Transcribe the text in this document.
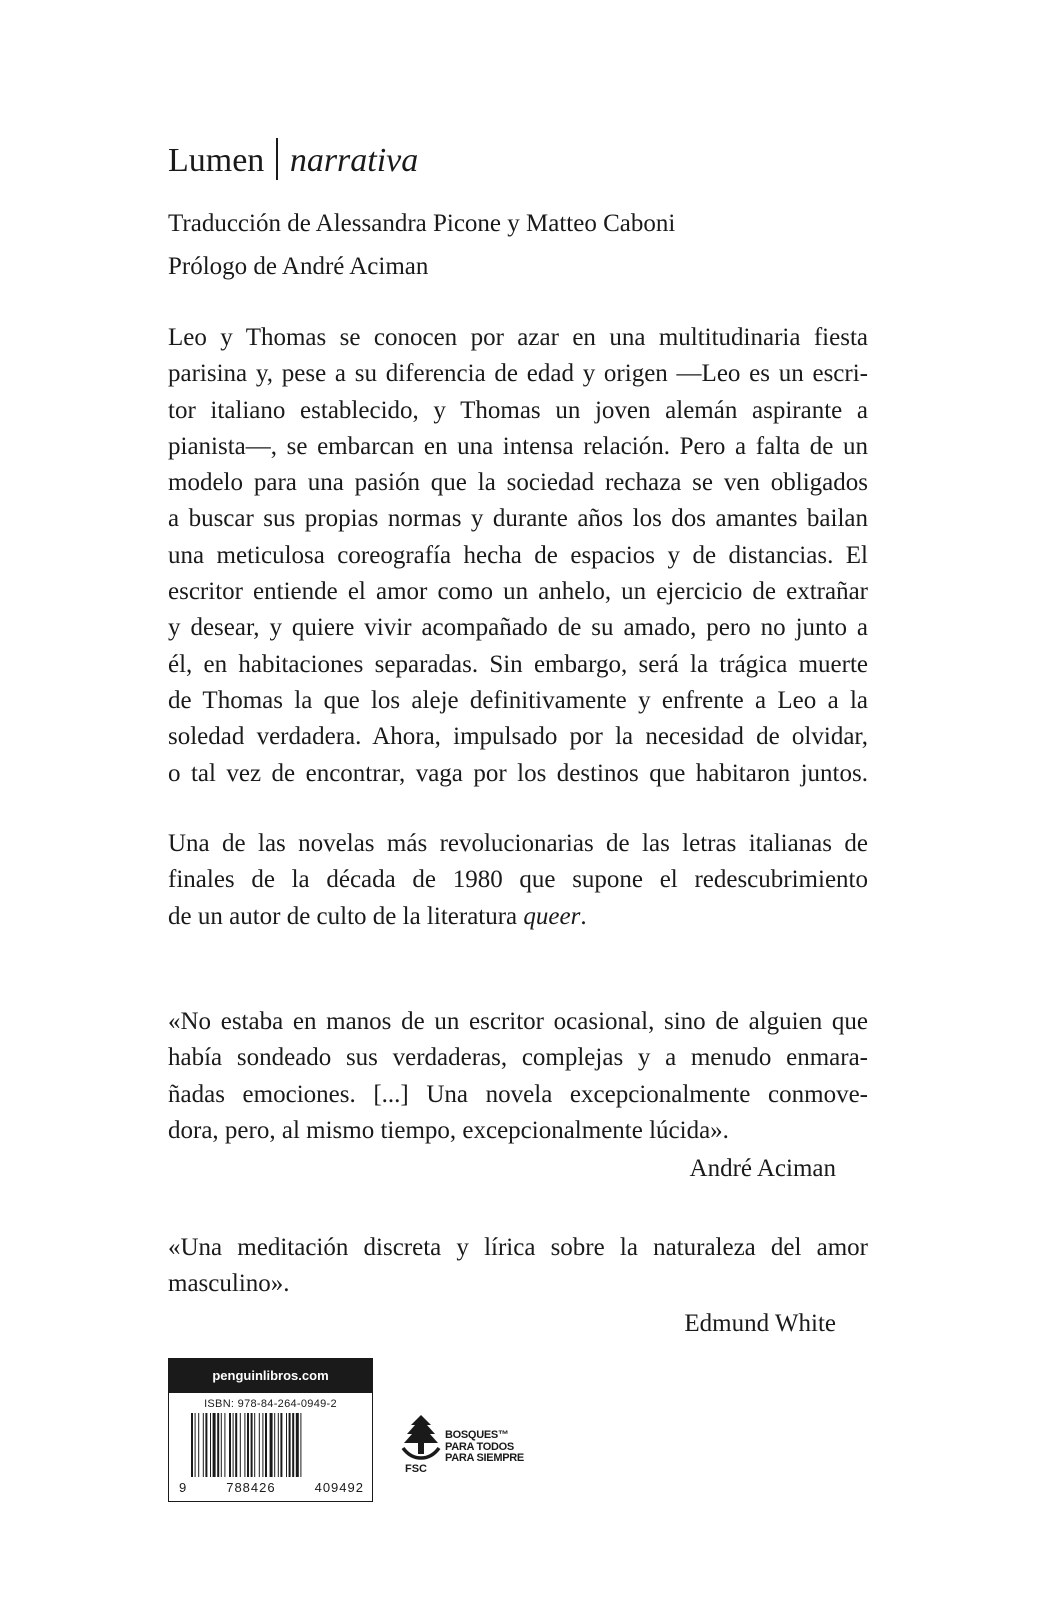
Lumen narrativa
Traducción de Alessandra Picone y Matteo Caboni
Prólogo de André Aciman
Leo y Thomas se conocen por azar en una multitudinaria fiesta
parisina y, pese a su diferencia de edad y origen —Leo es un escri-
tor italiano establecido, y Thomas un joven alemán aspirante a
pianista—, se embarcan en una intensa relación. Pero a falta de un
modelo para una pasión que la sociedad rechaza se ven obligados
a buscar sus propias normas y durante años los dos amantes bailan
una meticulosa coreografía hecha de espacios y de distancias. El
escritor entiende el amor como un anhelo, un ejercicio de extrañar
y desear, y quiere vivir acompañado de su amado, pero no junto a
él, en habitaciones separadas. Sin embargo, será la trágica muerte
de Thomas la que los aleje definitivamente y enfrente a Leo a la
soledad verdadera. Ahora, impulsado por la necesidad de olvidar,
o tal vez de encontrar, vaga por los destinos que habitaron juntos.
Una de las novelas más revolucionarias de las letras italianas de
finales de la década de 1980 que supone el redescubrimiento
de un autor de culto de la literatura queer.
«No estaba en manos de un escritor ocasional, sino de alguien que
había sondeado sus verdaderas, complejas y a menudo enmara-
ñadas emociones. [...] Una novela excepcionalmente conmove-
dora, pero, al mismo tiempo, excepcionalmente lúcida».
André Aciman
«Una meditación discreta y lírica sobre la naturaleza del amor
masculino».
Edmund White
penguinlibros.com
ISBN: 978-84-264-0949-2
9	788426	409492
FSC
BOSQUES™
PARA TODOS
PARA SIEMPRE
